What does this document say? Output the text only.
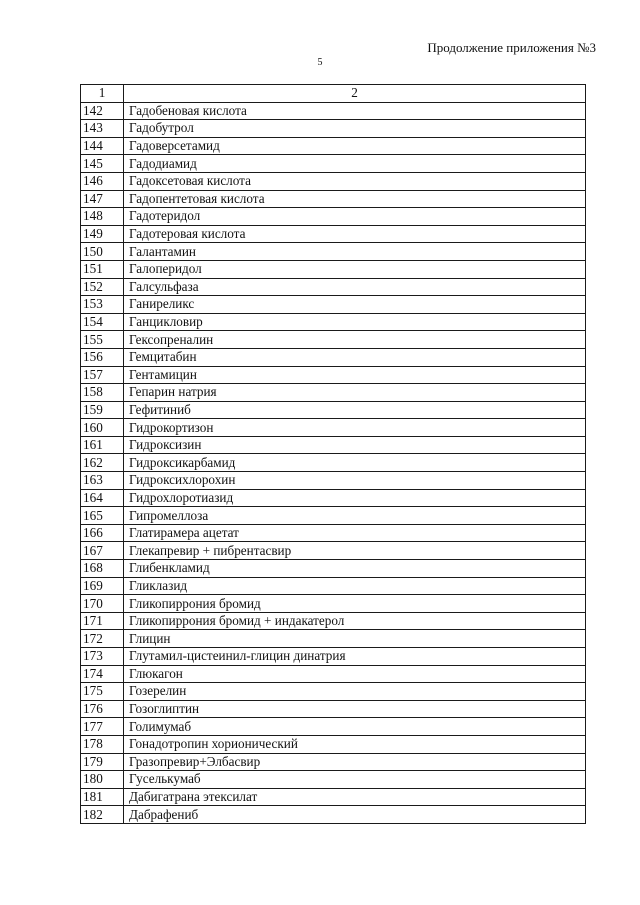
Продолжение приложения №3
5
1	2
142	Гадобеновая кислота
143	Гадобутрол
144	Гадоверсетамид
145	Гадодиамид
146	Гадоксетовая кислота
147	Гадопентетовая кислота
148	Гадотеридол
149	Гадотеровая кислота
150	Галантамин
151	Галоперидол
152	Галсульфаза
153	Ганиреликс
154	Ганцикловир
155	Гексопреналин
156	Гемцитабин
157	Гентамицин
158	Гепарин натрия
159	Гефитиниб
160	Гидрокортизон
161	Гидроксизин
162	Гидроксикарбамид
163	Гидроксихлорохин
164	Гидрохлоротиазид
165	Гипромеллоза
166	Глатирамера ацетат
167	Глекапревир + пибрентасвир
168	Глибенкламид
169	Гликлазид
170	Гликопиррония бромид
171	Гликопиррония бромид + индакатерол
172	Глицин
173	Глутамил-цистеинил-глицин динатрия
174	Глюкагон
175	Гозерелин
176	Гозоглиптин
177	Голимумаб
178	Гонадотропин хорионический
179	Гразопревир+Элбасвир
180	Гуселькумаб
181	Дабигатрана этексилат
182	Дабрафениб
